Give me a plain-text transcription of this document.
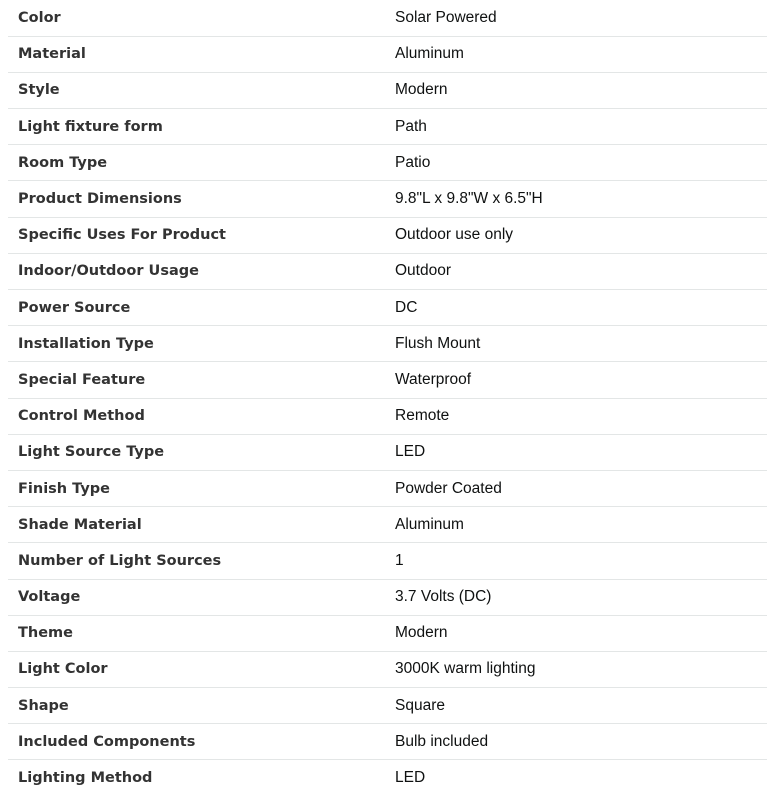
Color	Solar Powered
Material	Aluminum
Style	Modern
Light fixture form	Path
Room Type	Patio
Product Dimensions	9.8"L x 9.8"W x 6.5"H
Specific Uses For Product	Outdoor use only
Indoor/Outdoor Usage	Outdoor
Power Source	DC
Installation Type	Flush Mount
Special Feature	Waterproof
Control Method	Remote
Light Source Type	LED
Finish Type	Powder Coated
Shade Material	Aluminum
Number of Light Sources	1
Voltage	3.7 Volts (DC)
Theme	Modern
Light Color	3000K warm lighting
Shape	Square
Included Components	Bulb included
Lighting Method	LED
